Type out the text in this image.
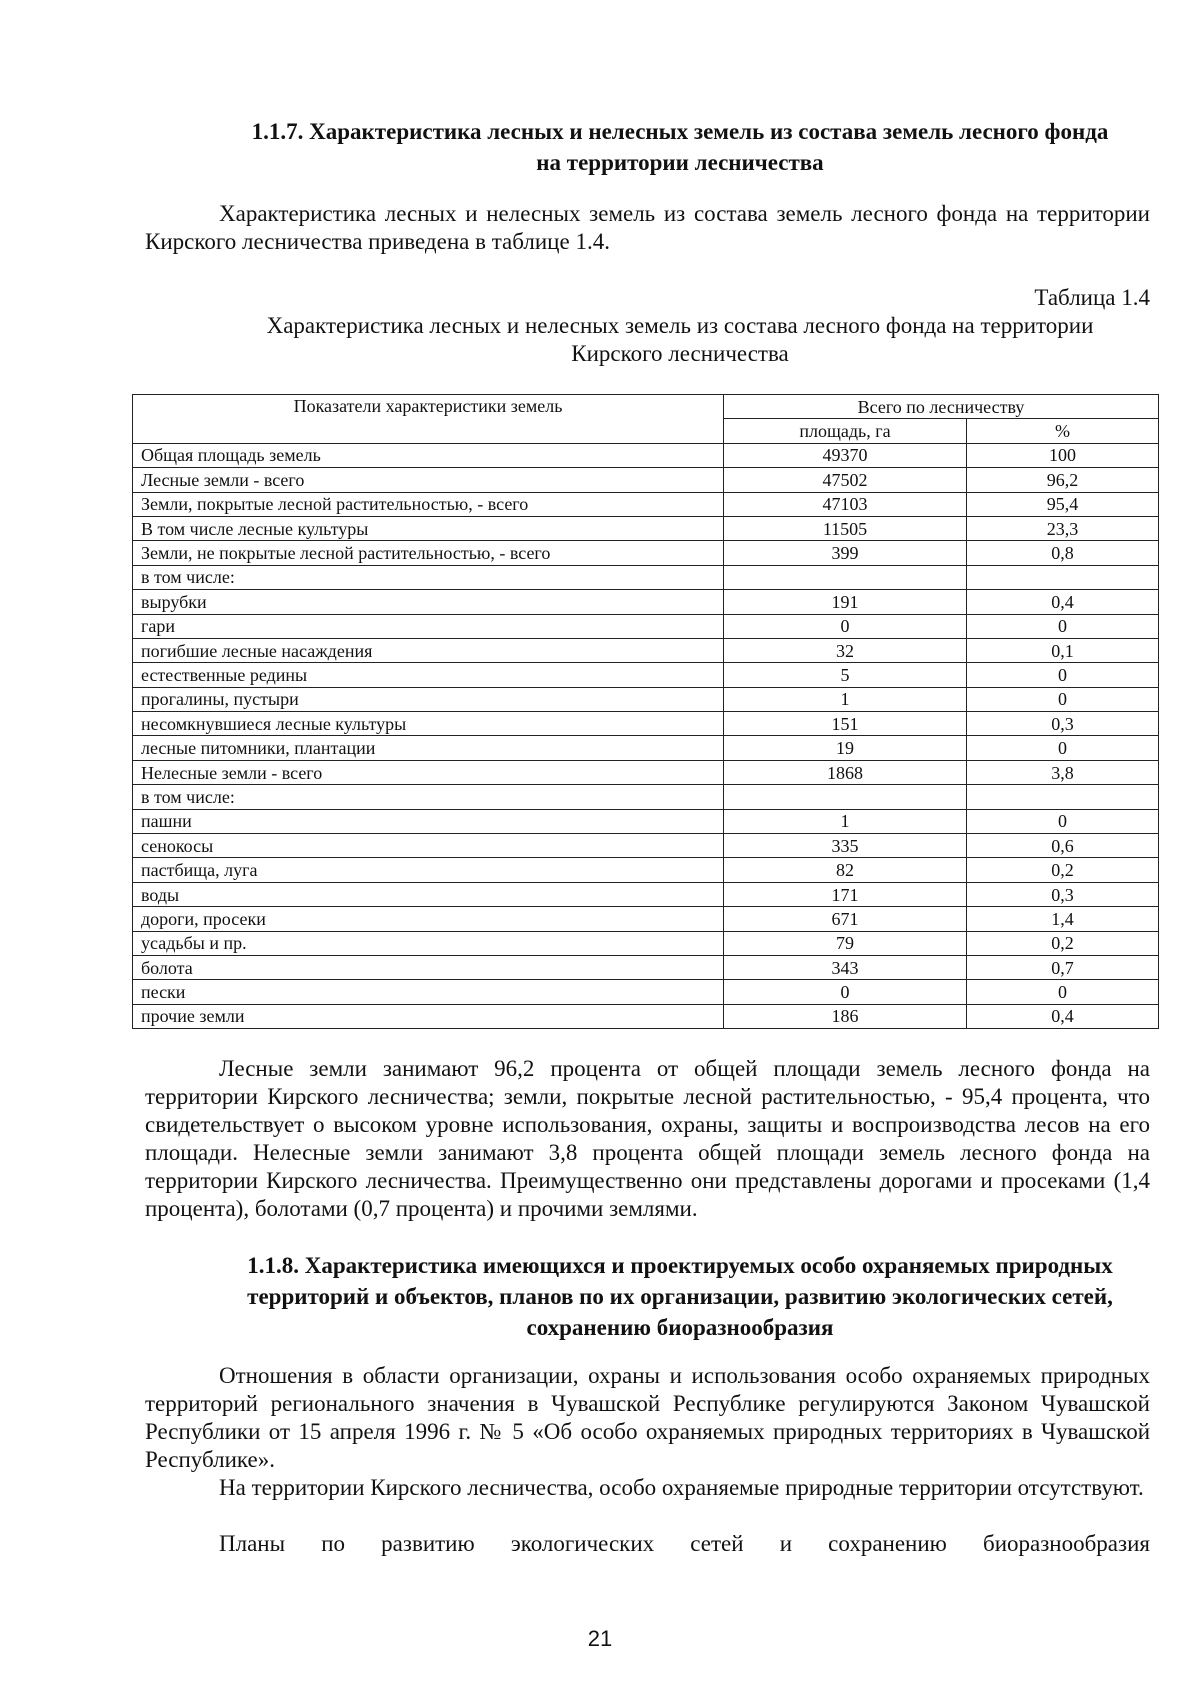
1.1.7. Характеристика лесных и нелесных земель из состава земель лесного фонда
на территории лесничества
Характеристика лесных и нелесных земель из состава земель лесного фонда на территории Кирского лесничества приведена в таблице 1.4.
Таблица 1.4
Характеристика лесных и нелесных земель из состава лесного фонда на территории
Кирского лесничества
Показатели характеристики земель	Всего по лесничеству	
	площадь, га	%
Общая площадь земель	49370	100
Лесные земли - всего	47502	96,2
Земли, покрытые лесной растительностью, - всего	47103	95,4
В том числе лесные культуры	11505	23,3
Земли, не покрытые лесной растительностью, - всего	399	0,8
в том числе:		
вырубки	191	0,4
гари	0	0
погибшие лесные насаждения	32	0,1
естественные редины	5	0
прогалины, пустыри	1	0
несомкнувшиеся лесные культуры	151	0,3
лесные питомники, плантации	19	0
Нелесные земли - всего	1868	3,8
в том числе:		
пашни	1	0
сенокосы	335	0,6
пастбища, луга	82	0,2
воды	171	0,3
дороги, просеки	671	1,4
усадьбы и пр.	79	0,2
болота	343	0,7
пески	0	0
прочие земли	186	0,4
Лесные земли занимают 96,2 процента от общей площади земель лесного фонда на территории Кирского лесничества; земли, покрытые лесной растительностью, - 95,4 процента, что свидетельствует о высоком уровне использования, охраны, защиты и воспроизводства лесов на его площади. Нелесные земли занимают 3,8 процента общей площади земель лесного фонда на территории Кирского лесничества. Преимущественно они представлены дорогами и просеками (1,4 процента), болотами (0,7 процента) и прочими землями.
1.1.8. Характеристика имеющихся и проектируемых особо охраняемых природных
территорий и объектов, планов по их организации, развитию экологических сетей,
сохранению биоразнообразия
Отношения в области организации, охраны и использования особо охраняемых природных территорий регионального значения в Чувашской Республике регулируются Законом Чувашской Республики от 15 апреля 1996 г. № 5 «Об особо охраняемых природных территориях в Чувашской Республике».
На территории Кирского лесничества, особо охраняемые природные территории отсутствуют.
Планы по развитию экологических сетей и сохранению биоразнообразия
21
